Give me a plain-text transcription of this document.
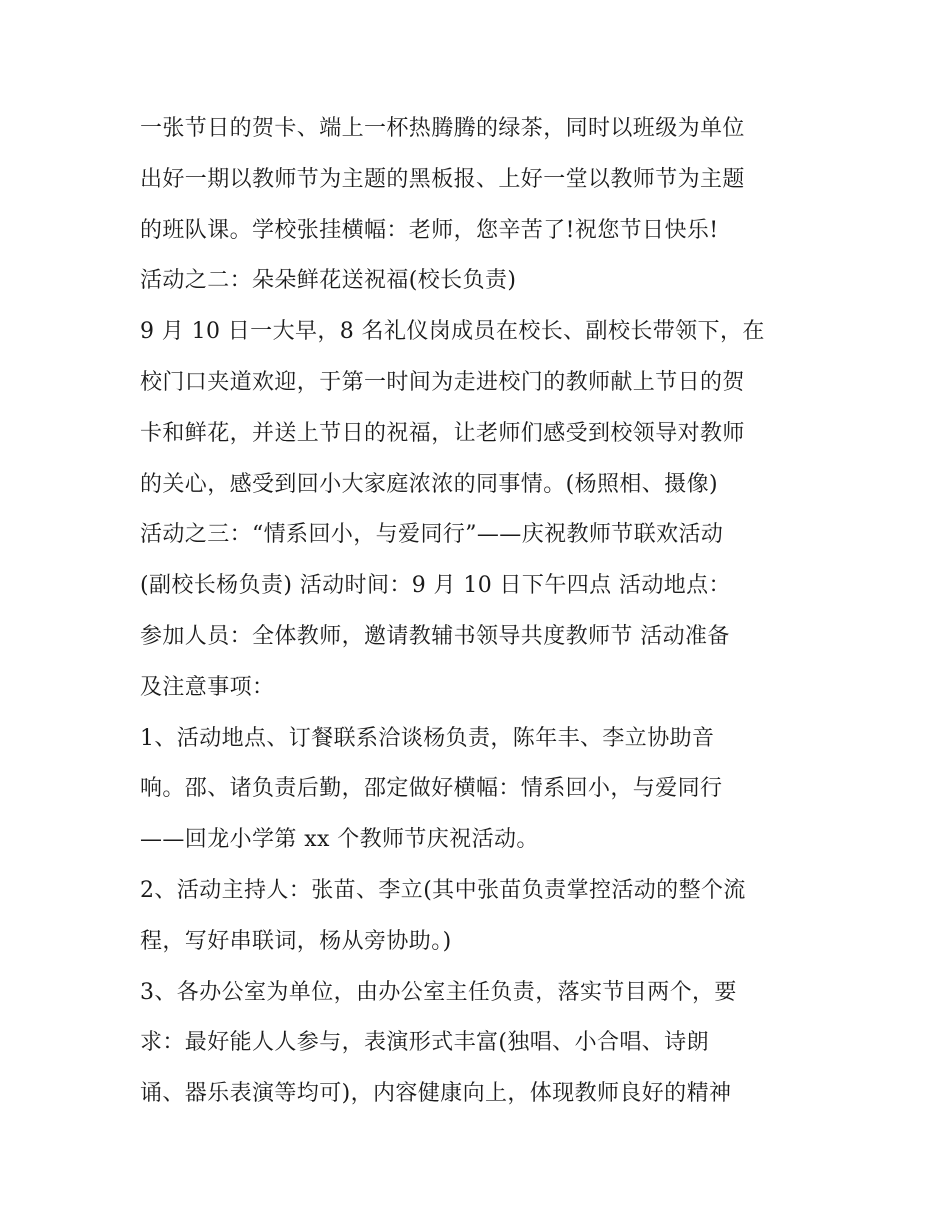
一张节日的贺卡、端上一杯热腾腾的绿茶，同时以班级为单位
出好一期以教师节为主题的黑板报、上好一堂以教师节为主题
的班队课。学校张挂横幅：老师，您辛苦了!祝您节日快乐!
活动之二：朵朵鲜花送祝福(校长负责)
9 月 10 日一大早，8 名礼仪岗成员在校长、副校长带领下，在
校门口夹道欢迎，于第一时间为走进校门的教师献上节日的贺
卡和鲜花，并送上节日的祝福，让老师们感受到校领导对教师
的关心，感受到回小大家庭浓浓的同事情。(杨照相、摄像)
活动之三：“情系回小，与爱同行”——庆祝教师节联欢活动
(副校长杨负责) 活动时间：9 月 10 日下午四点 活动地点：
参加人员：全体教师，邀请教辅书领导共度教师节 活动准备
及注意事项：
1、活动地点、订餐联系洽谈杨负责，陈年丰、李立协助音
响。邵、诸负责后勤，邵定做好横幅：情系回小，与爱同行
——回龙小学第 xx 个教师节庆祝活动。
2、活动主持人：张苗、李立(其中张苗负责掌控活动的整个流
程，写好串联词，杨从旁协助。)
3、各办公室为单位，由办公室主任负责，落实节目两个，要
求：最好能人人参与，表演形式丰富(独唱、小合唱、诗朗
诵、器乐表演等均可)，内容健康向上，体现教师良好的精神
